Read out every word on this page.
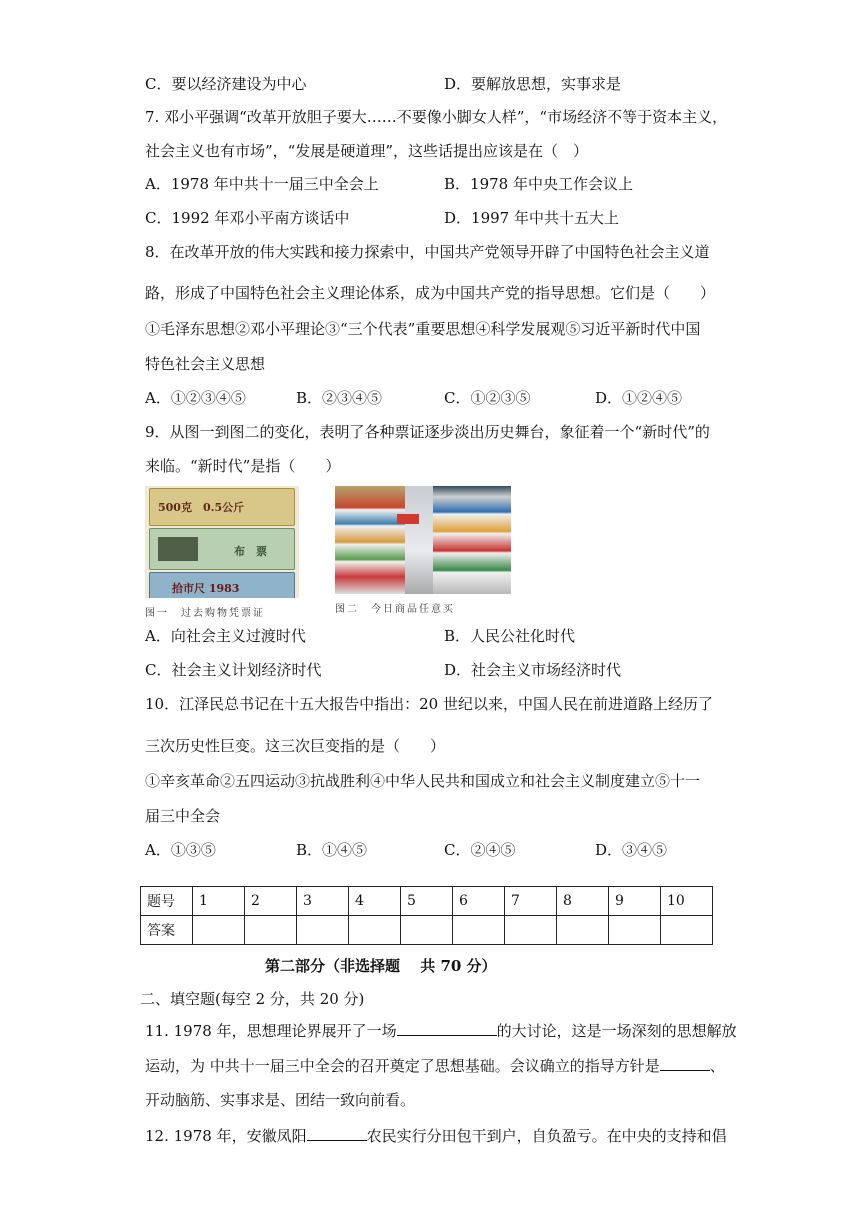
C．要以经济建设为中心	D．要解放思想，实事求是
7. 邓小平强调“改革开放胆子要大……不要像小脚女人样”，“市场经济不等于资本主义，
社会主义也有市场”，“发展是硬道理”，这些话提出应该是在（　）
A．1978 年中共十一届三中全会上	B．1978 年中央工作会议上
C．1992 年邓小平南方谈话中	D．1997 年中共十五大上
8．在改革开放的伟大实践和接力探索中，中国共产党领导开辟了中国特色社会主义道
路，形成了中国特色社会主义理论体系，成为中国共产党的指导思想。它们是（　　）
①毛泽东思想②邓小平理论③“三个代表”重要思想④科学发展观⑤习近平新时代中国
特色社会主义思想
A．①②③④⑤	B．②③④⑤	C．①②③⑤	D．①②④⑤
9．从图一到图二的变化，表明了各种票证逐步淡出历史舞台，象征着一个“新时代”的
来临。“新时代”是指（　　）
500克　0.5公斤
布　票
拾市尺 1983
图一　过去购物凭票证	图二　今日商品任意买
A．向社会主义过渡时代	B．人民公社化时代
C．社会主义计划经济时代	D．社会主义市场经济时代
10．江泽民总书记在十五大报告中指出：20 世纪以来，中国人民在前进道路上经历了
三次历史性巨变。这三次巨变指的是（　　）
①辛亥革命②五四运动③抗战胜利④中华人民共和国成立和社会主义制度建立⑤十一
届三中全会
A．①③⑤	B．①④⑤	C．②④⑤	D．③④⑤
题号	1	2	3	4	5	6	7	8	9	10
答案										
第二部分（非选择题　 共 70 分）
二、填空题(每空 2 分，共 20 分)
11. 1978 年，思想理论界展开了一场	的大讨论，这是一场深刻的思想解放
运动，为 中共十一届三中全会的召开奠定了思想基础。会议确立的指导方针是	、
开动脑筋、实事求是、团结一致向前看。
12. 1978 年，安徽凤阳	农民实行分田包干到户，自负盈亏。在中央的支持和倡
